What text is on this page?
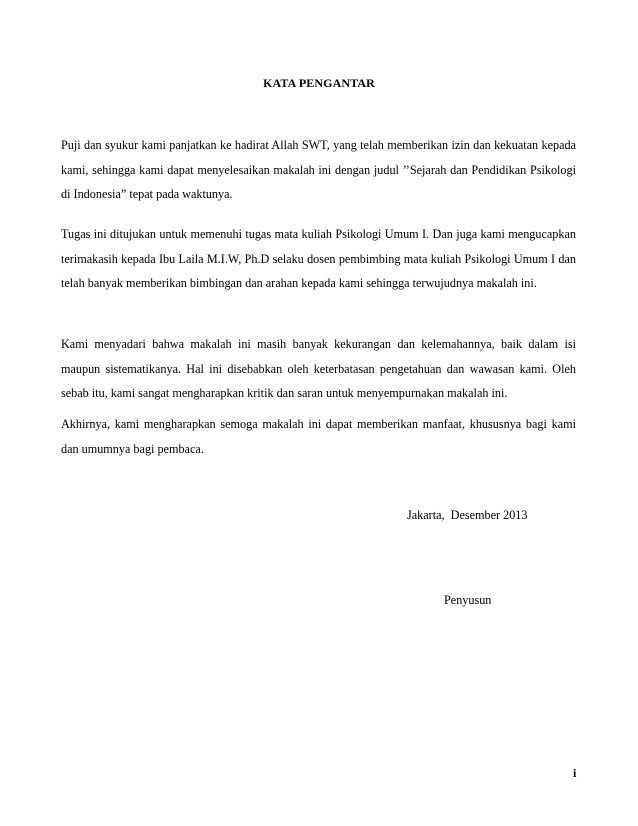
KATA PENGANTAR
Puji dan syukur kami panjatkan ke hadirat Allah SWT, yang telah memberikan izin dan kekuatan kepada kami, sehingga kami dapat menyelesaikan makalah ini dengan judul ’’Sejarah dan Pendidikan Psikologi di Indonesia” tepat pada waktunya.
Tugas ini ditujukan untuk memenuhi tugas mata kuliah Psikologi Umum I. Dan juga kami mengucapkan terimakasih kepada Ibu Laila M.I.W, Ph.D selaku dosen pembimbing mata kuliah Psikologi Umum I dan telah banyak memberikan bimbingan dan arahan kepada kami sehingga terwujudnya makalah ini.
Kami menyadari bahwa makalah ini masih banyak kekurangan dan kelemahannya, baik dalam isi maupun sistematikanya. Hal ini disebabkan oleh keterbatasan pengetahuan dan wawasan kami. Oleh sebab itu, kami sangat mengharapkan kritik dan saran untuk menyempurnakan makalah ini.
Akhirnya, kami mengharapkan semoga makalah ini dapat memberikan manfaat, khususnya bagi kami dan umumnya bagi pembaca.
Jakarta,  Desember 2013
Penyusun
i
